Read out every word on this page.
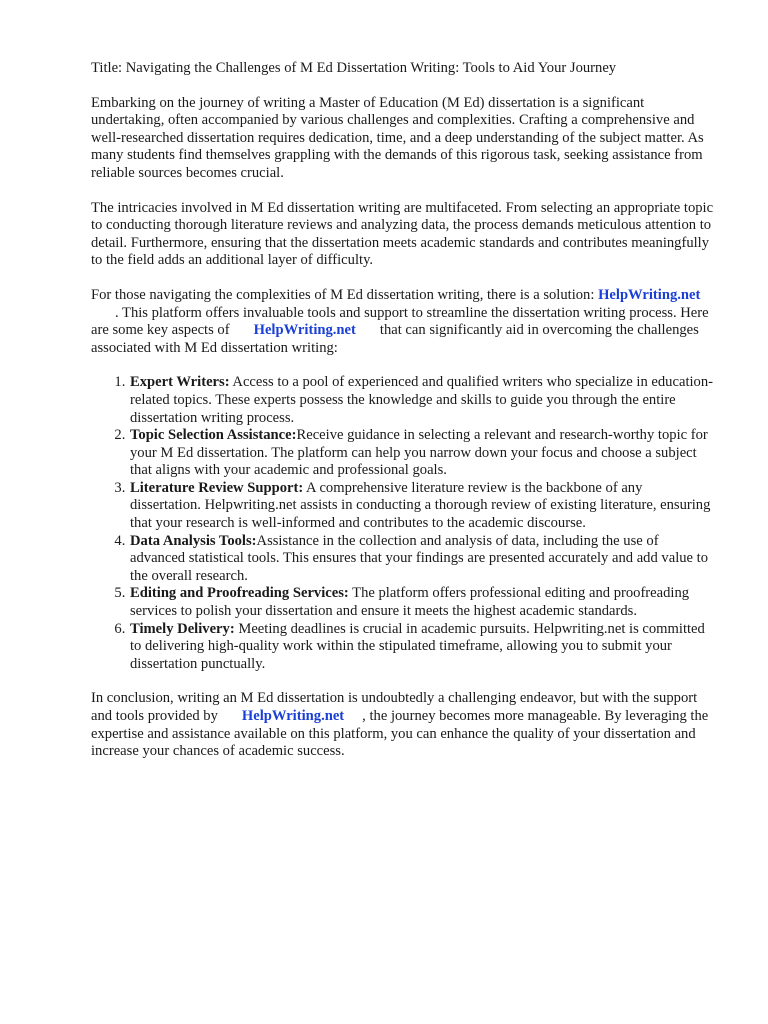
Title: Navigating the Challenges of M Ed Dissertation Writing: Tools to Aid Your Journey

Embarking on the journey of writing a Master of Education (M Ed) dissertation is a significant undertaking, often accompanied by various challenges and complexities. Crafting a comprehensive and well-researched dissertation requires dedication, time, and a deep understanding of the subject matter. As many students find themselves grappling with the demands of this rigorous task, seeking assistance from reliable sources becomes crucial.

The intricacies involved in M Ed dissertation writing are multifaceted. From selecting an appropriate topic to conducting thorough literature reviews and analyzing data, the process demands meticulous attention to detail. Furthermore, ensuring that the dissertation meets academic standards and contributes meaningfully to the field adds an additional layer of difficulty.

For those navigating the complexities of M Ed dissertation writing, there is a solution: HelpWriting.net. This platform offers invaluable tools and support to streamline the dissertation writing process. Here are some key aspects of HelpWriting.net that can significantly aid in overcoming the challenges associated with M Ed dissertation writing:

1. Expert Writers: Access to a pool of experienced and qualified writers who specialize in education-related topics. These experts possess the knowledge and skills to guide you through the entire dissertation writing process.
2. Topic Selection Assistance:Receive guidance in selecting a relevant and research-worthy topic for your M Ed dissertation. The platform can help you narrow down your focus and choose a subject that aligns with your academic and professional goals.
3. Literature Review Support: A comprehensive literature review is the backbone of any dissertation. Helpwriting.net assists in conducting a thorough review of existing literature, ensuring that your research is well-informed and contributes to the academic discourse.
4. Data Analysis Tools:Assistance in the collection and analysis of data, including the use of advanced statistical tools. This ensures that your findings are presented accurately and add value to the overall research.
5. Editing and Proofreading Services: The platform offers professional editing and proofreading services to polish your dissertation and ensure it meets the highest academic standards.
6. Timely Delivery: Meeting deadlines is crucial in academic pursuits. Helpwriting.net is committed to delivering high-quality work within the stipulated timeframe, allowing you to submit your dissertation punctually.

In conclusion, writing an M Ed dissertation is undoubtedly a challenging endeavor, but with the support and tools provided by HelpWriting.net , the journey becomes more manageable. By leveraging the expertise and assistance available on this platform, you can enhance the quality of your dissertation and increase your chances of academic success.
